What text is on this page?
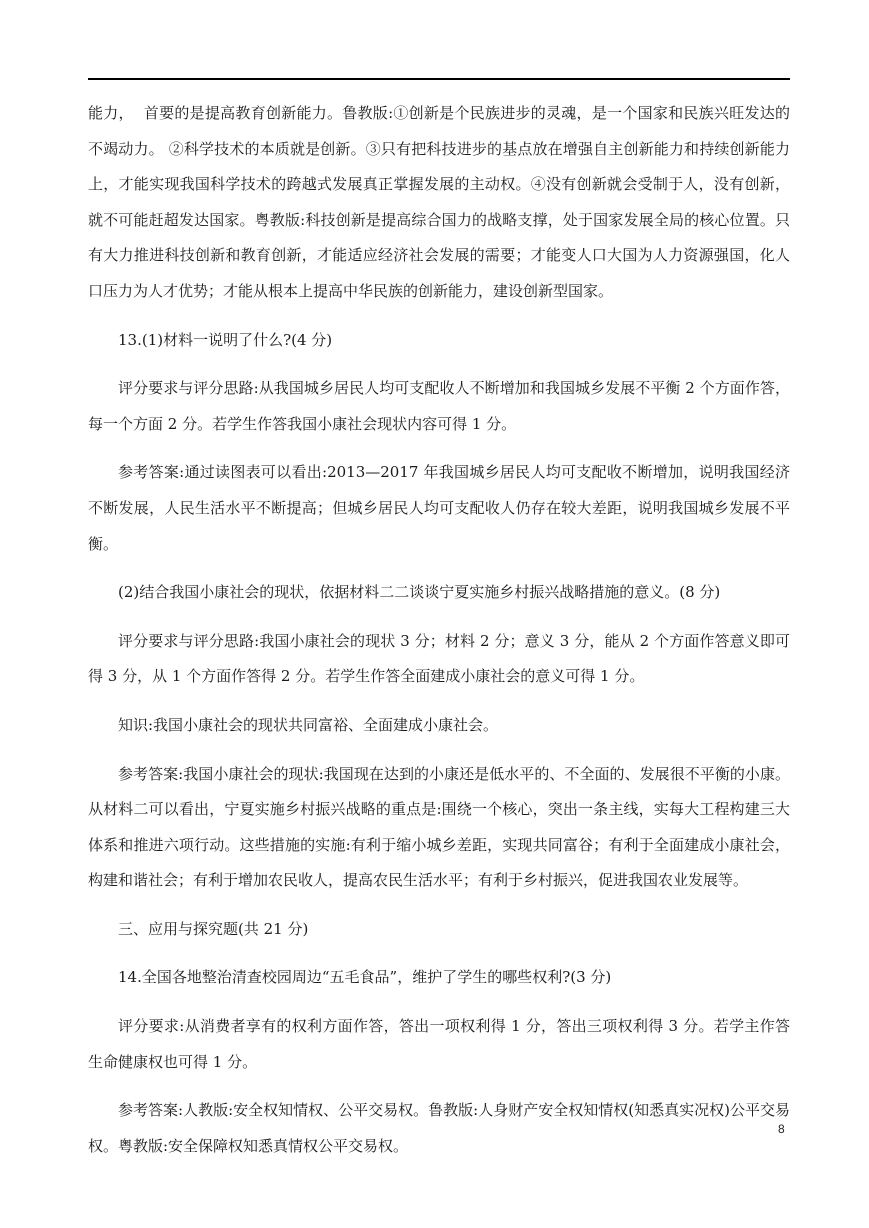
能力，  首要的是提高教育创新能力。鲁教版:①创新是个民族进步的灵魂，是一个国家和民族兴旺发达的不竭动力。 ②科学技术的本质就是创新。③只有把科技进步的基点放在增强自主创新能力和持续创新能力上，才能实现我国科学技术的跨越式发展真正掌握发展的主动权。④没有创新就会受制于人，没有创新，就不可能赶超发达国家。粤教版:科技创新是提高综合国力的战略支撑，处于国家发展全局的核心位置。只有大力推进科技创新和教育创新，才能适应经济社会发展的需要；才能变人口大国为人力资源强国，化人口压力为人才优势；才能从根本上提高中华民族的创新能力，建设创新型国家。

13.(1)材料一说明了什么?(4 分)

评分要求与评分思路:从我国城乡居民人均可支配收人不断增加和我国城乡发展不平衡 2 个方面作答，每一个方面 2 分。若学生作答我国小康社会现状内容可得 1 分。

参考答案:通过读图表可以看出:2013—2017 年我国城乡居民人均可支配收不断增加，说明我国经济不断发展，人民生活水平不断提高；但城乡居民人均可支配收人仍存在较大差距，说明我国城乡发展不平衡。

(2)结合我国小康社会的现状，依据材料二二谈谈宁夏实施乡村振兴战略措施的意义。(8 分)

评分要求与评分思路:我国小康社会的现状 3 分；材料 2 分；意义 3 分，能从 2 个方面作答意义即可得 3 分，从 1 个方面作答得 2 分。若学生作答全面建成小康社会的意义可得 1 分。

知识:我国小康社会的现状共同富裕、全面建成小康社会。

参考答案:我国小康社会的现状:我国现在达到的小康还是低水平的、不全面的、发展很不平衡的小康。从材料二可以看出，宁夏实施乡村振兴战略的重点是:围绕一个核心，突出一条主线，实每大工程构建三大体系和推进六项行动。这些措施的实施:有利于缩小城乡差距，实现共同富谷；有利于全面建成小康社会，构建和谐社会；有利于增加农民收人，提高农民生活水平；有利于乡村振兴，促进我国农业发展等。

三、应用与探究题(共 21 分)

14.全国各地整治清查校园周边“五毛食品”，维护了学生的哪些权利?(3 分)

评分要求:从消费者享有的权利方面作答，答出一项权利得 1 分，答出三项权利得 3 分。若学主作答生命健康权也可得 1 分。

参考答案:人教版:安全权知情权、公平交易权。鲁教版:人身财产安全权知情权(知悉真实况权)公平交易权。粤教版:安全保障权知悉真情权公平交易权。

8
